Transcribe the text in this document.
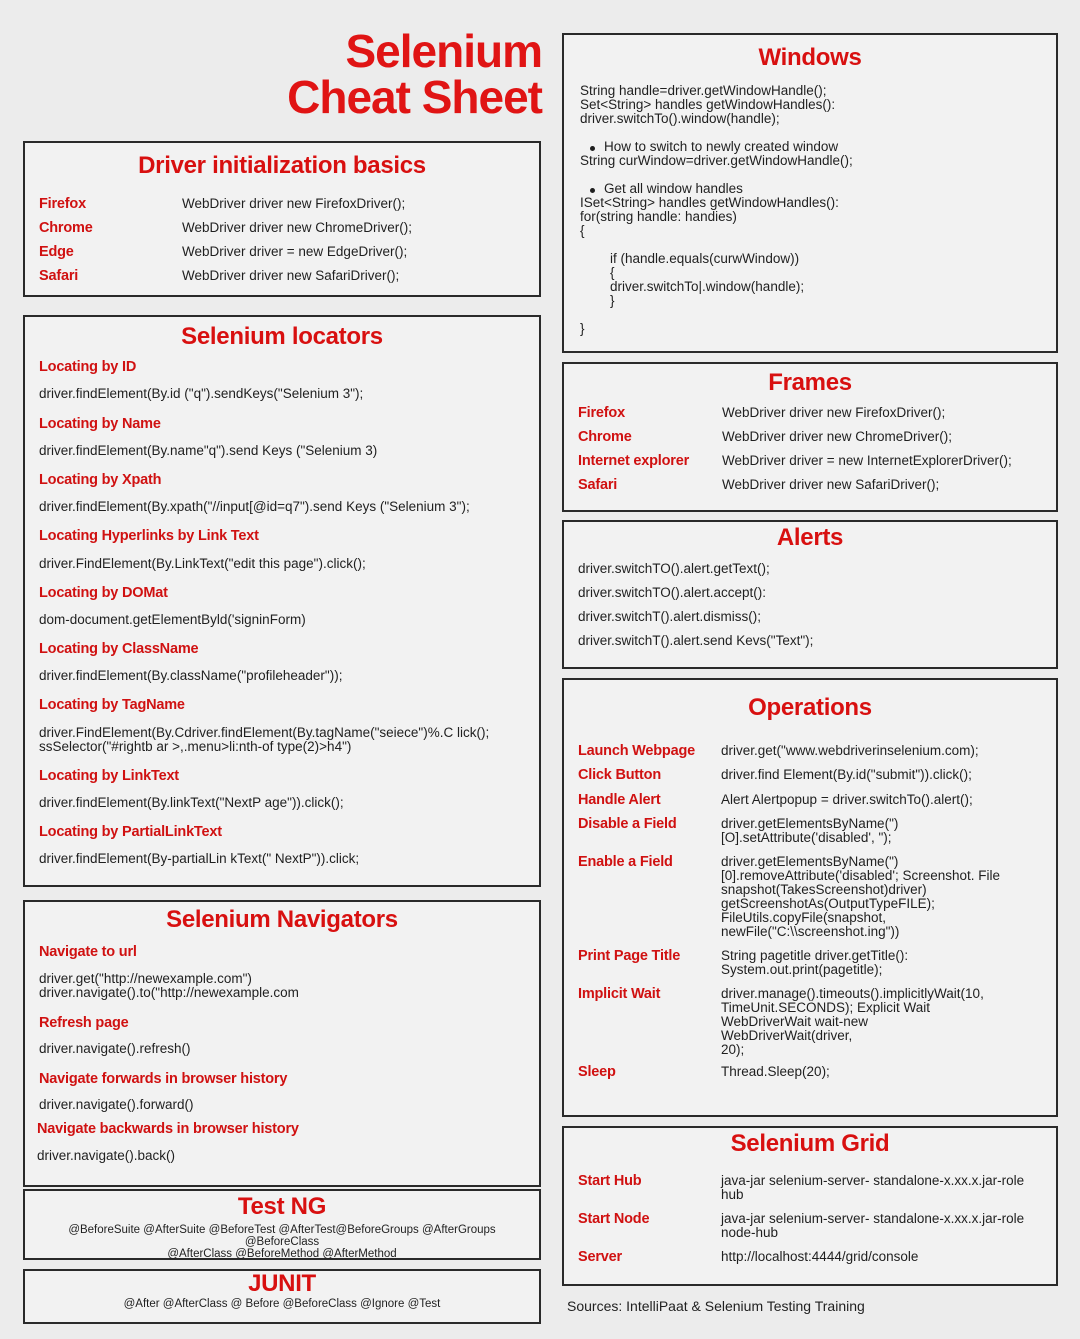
Selenium
Cheat Sheet
Driver initialization basics
Firefox	WebDriver driver new FirefoxDriver();
Chrome	WebDriver driver new ChromeDriver();
Edge	WebDriver driver = new EdgeDriver();
Safari	WebDriver driver new SafariDriver();
Selenium locators
Locating by ID
driver.findElement(By.id ("q").sendKeys("Selenium 3");
Locating by Name
driver.findElement(By.name"q").send Keys ("Selenium 3)
Locating by Xpath
driver.findElement(By.xpath("//input[@id=q7").send Keys ("Selenium 3");
Locating Hyperlinks by Link Text
driver.FindElement(By.LinkText("edit this page").click();
Locating by DOMat
dom-document.getElementByld('signinForm)
Locating by ClassName
driver.findElement(By.className("profileheader"));
Locating by TagName
driver.FindElement(By.Cdriver.findElement(By.tagName("seiece")%.C lick();
ssSelector("#rightb ar >,.menu>li:nth-of type(2)>h4")
Locating by LinkText
driver.findElement(By.linkText("NextP age")).click();
Locating by PartialLinkText
driver.findElement(By-partialLin kText(" NextP")).click;
Selenium Navigators
Navigate to url
driver.get("http://newexample.com")
driver.navigate().to("http://newexample.com
Refresh page
driver.navigate().refresh()
Navigate forwards in browser history
driver.navigate().forward()
Navigate backwards in browser history
driver.navigate().back()
Test NG
@BeforeSuite @AfterSuite @BeforeTest @AfterTest@BeforeGroups @AfterGroups @BeforeClass
@AfterClass @BeforeMethod @AfterMethod
JUNIT
@After @AfterClass @ Before @BeforeClass @Ignore @Test
Windows
String handle=driver.getWindowHandle();
Set<String> handles getWindowHandles():
driver.switchTo().window(handle);
How to switch to newly created window
String curWindow=driver.getWindowHandle();
Get all window handles
ISet<String> handles getWindowHandles():
for(string handle: handies)
{
if (handle.equals(curwWindow))
{
driver.switchTo|.window(handle);
}
}
Frames
Firefox	WebDriver driver new FirefoxDriver();
Chrome	WebDriver driver new ChromeDriver();
Internet explorer WebDriver driver = new InternetExplorerDriver();
Safari	WebDriver driver new SafariDriver();
Alerts
driver.switchTO().alert.getText();
driver.switchTO().alert.accept():
driver.switchT().alert.dismiss();
driver.switchT().alert.send Kevs("Text");
Operations
Launch Webpage driver.get("www.webdriverinselenium.com);
Click Button	driver.find Element(By.id("submit")).click();
Handle Alert	Alert Alertpopup = driver.switchTo().alert();
Disable a Field	driver.getElementsByName(")
[O].setAttribute('disabled', ");
Enable a Field	driver.getElementsByName(")
[0].removeAttribute('disabled'; Screenshot. File
snapshot(TakesScreenshot)driver)
getScreenshotAs(OutputTypeFILE);
FileUtils.copyFile(snapshot,
newFile("C:\\screenshot.ing"))
Print Page Title	String pagetitle driver.getTitle():
System.out.print(pagetitle);
Implicit Wait	driver.manage().timeouts().implicitlyWait(10,
TimeUnit.SECONDS); Explicit Wait
WebDriverWait wait-new
WebDriverWait(driver,
20);
Sleep	Thread.Sleep(20);
Selenium Grid
Start Hub	java-jar selenium-server- standalone-x.xx.x.jar-role
hub
Start Node	java-jar selenium-server- standalone-x.xx.x.jar-role
node-hub
Server	http://localhost:4444/grid/console
Sources: IntelliPaat & Selenium Testing Training
